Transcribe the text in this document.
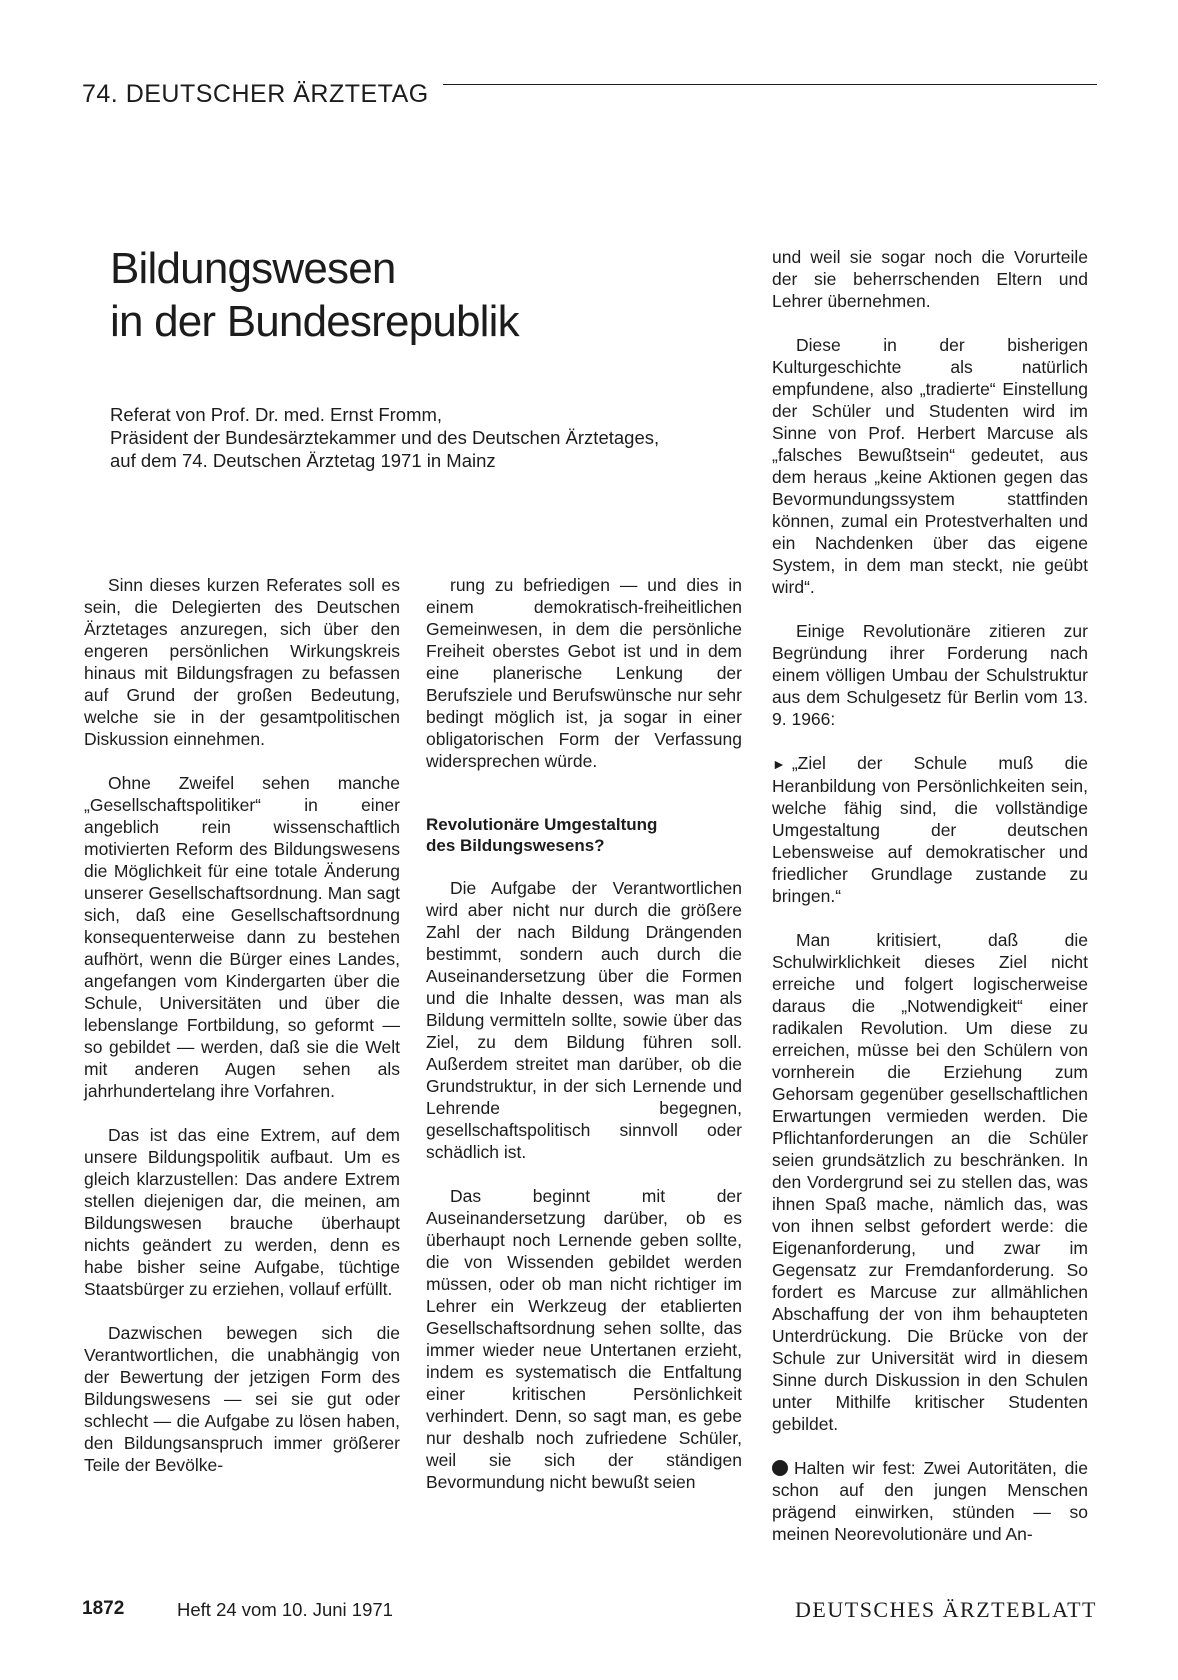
74. DEUTSCHER ÄRZTETAG
Bildungswesen
in der Bundesrepublik

Referat von Prof. Dr. med. Ernst Fromm,
Präsident der Bundesärztekammer und des Deutschen Ärztetages,
auf dem 74. Deutschen Ärztetag 1971 in Mainz

Sinn dieses kurzen Referates soll es sein, die Delegierten des Deutschen Ärztetages anzuregen, sich über den engeren persönlichen Wirkungskreis hinaus mit Bildungsfragen zu befassen auf Grund der großen Bedeutung, welche sie in der gesamtpolitischen Diskussion einnehmen.

Ohne Zweifel sehen manche „Gesellschaftspolitiker“ in einer angeblich rein wissenschaftlich motivierten Reform des Bildungswesens die Möglichkeit für eine totale Änderung unserer Gesellschaftsordnung. Man sagt sich, daß eine Gesellschaftsordnung konsequenterweise dann zu bestehen aufhört, wenn die Bürger eines Landes, angefangen vom Kindergarten über die Schule, Universitäten und über die lebenslange Fortbildung, so geformt — so gebildet — werden, daß sie die Welt mit anderen Augen sehen als jahrhundertelang ihre Vorfahren.

Das ist das eine Extrem, auf dem unsere Bildungspolitik aufbaut. Um es gleich klarzustellen: Das andere Extrem stellen diejenigen dar, die meinen, am Bildungswesen brauche überhaupt nichts geändert zu werden, denn es habe bisher seine Aufgabe, tüchtige Staatsbürger zu erziehen, vollauf erfüllt.

Dazwischen bewegen sich die Verantwortlichen, die unabhängig von der Bewertung der jetzigen Form des Bildungswesens — sei sie gut oder schlecht — die Aufgabe zu lösen haben, den Bildungsanspruch immer größerer Teile der Bevölke-

rung zu befriedigen — und dies in einem demokratisch-freiheitlichen Gemeinwesen, in dem die persönliche Freiheit oberstes Gebot ist und in dem eine planerische Lenkung der Berufsziele und Berufswünsche nur sehr bedingt möglich ist, ja sogar in einer obligatorischen Form der Verfassung widersprechen würde.

Revolutionäre Umgestaltung
des Bildungswesens?

Die Aufgabe der Verantwortlichen wird aber nicht nur durch die größere Zahl der nach Bildung Drängenden bestimmt, sondern auch durch die Auseinandersetzung über die Formen und die Inhalte dessen, was man als Bildung vermitteln sollte, sowie über das Ziel, zu dem Bildung führen soll. Außerdem streitet man darüber, ob die Grundstruktur, in der sich Lernende und Lehrende begegnen, gesellschaftspolitisch sinnvoll oder schädlich ist.

Das beginnt mit der Auseinandersetzung darüber, ob es überhaupt noch Lernende geben sollte, die von Wissenden gebildet werden müssen, oder ob man nicht richtiger im Lehrer ein Werkzeug der etablierten Gesellschaftsordnung sehen sollte, das immer wieder neue Untertanen erzieht, indem es systematisch die Entfaltung einer kritischen Persönlichkeit verhindert. Denn, so sagt man, es gebe nur deshalb noch zufriedene Schüler, weil sie sich der ständigen Bevormundung nicht bewußt seien

und weil sie sogar noch die Vorurteile der sie beherrschenden Eltern und Lehrer übernehmen.

Diese in der bisherigen Kulturgeschichte als natürlich empfundene, also „tradierte“ Einstellung der Schüler und Studenten wird im Sinne von Prof. Herbert Marcuse als „falsches Bewußtsein“ gedeutet, aus dem heraus „keine Aktionen gegen das Bevormundungssystem stattfinden können, zumal ein Protestverhalten und ein Nachdenken über das eigene System, in dem man steckt, nie geübt wird“.

Einige Revolutionäre zitieren zur Begründung ihrer Forderung nach einem völligen Umbau der Schulstruktur aus dem Schulgesetz für Berlin vom 13. 9. 1966:

► „Ziel der Schule muß die Heranbildung von Persönlichkeiten sein, welche fähig sind, die vollständige Umgestaltung der deutschen Lebensweise auf demokratischer und friedlicher Grundlage zustande zu bringen.“

Man kritisiert, daß die Schulwirklichkeit dieses Ziel nicht erreiche und folgert logischerweise daraus die „Notwendigkeit“ einer radikalen Revolution. Um diese zu erreichen, müsse bei den Schülern von vornherein die Erziehung zum Gehorsam gegenüber gesellschaftlichen Erwartungen vermieden werden. Die Pflichtanforderungen an die Schüler seien grundsätzlich zu beschränken. In den Vordergrund sei zu stellen das, was ihnen Spaß mache, nämlich das, was von ihnen selbst gefordert werde: die Eigenanforderung, und zwar im Gegensatz zur Fremdanforderung. So fordert es Marcuse zur allmählichen Abschaffung der von ihm behaupteten Unterdrückung. Die Brücke von der Schule zur Universität wird in diesem Sinne durch Diskussion in den Schulen unter Mithilfe kritischer Studenten gebildet.

Halten wir fest: Zwei Autoritäten, die schon auf den jungen Menschen prägend einwirken, stünden — so meinen Neorevolutionäre und An-

1872	Heft 24 vom 10. Juni 1971	DEUTSCHES ÄRZTEBLATT
